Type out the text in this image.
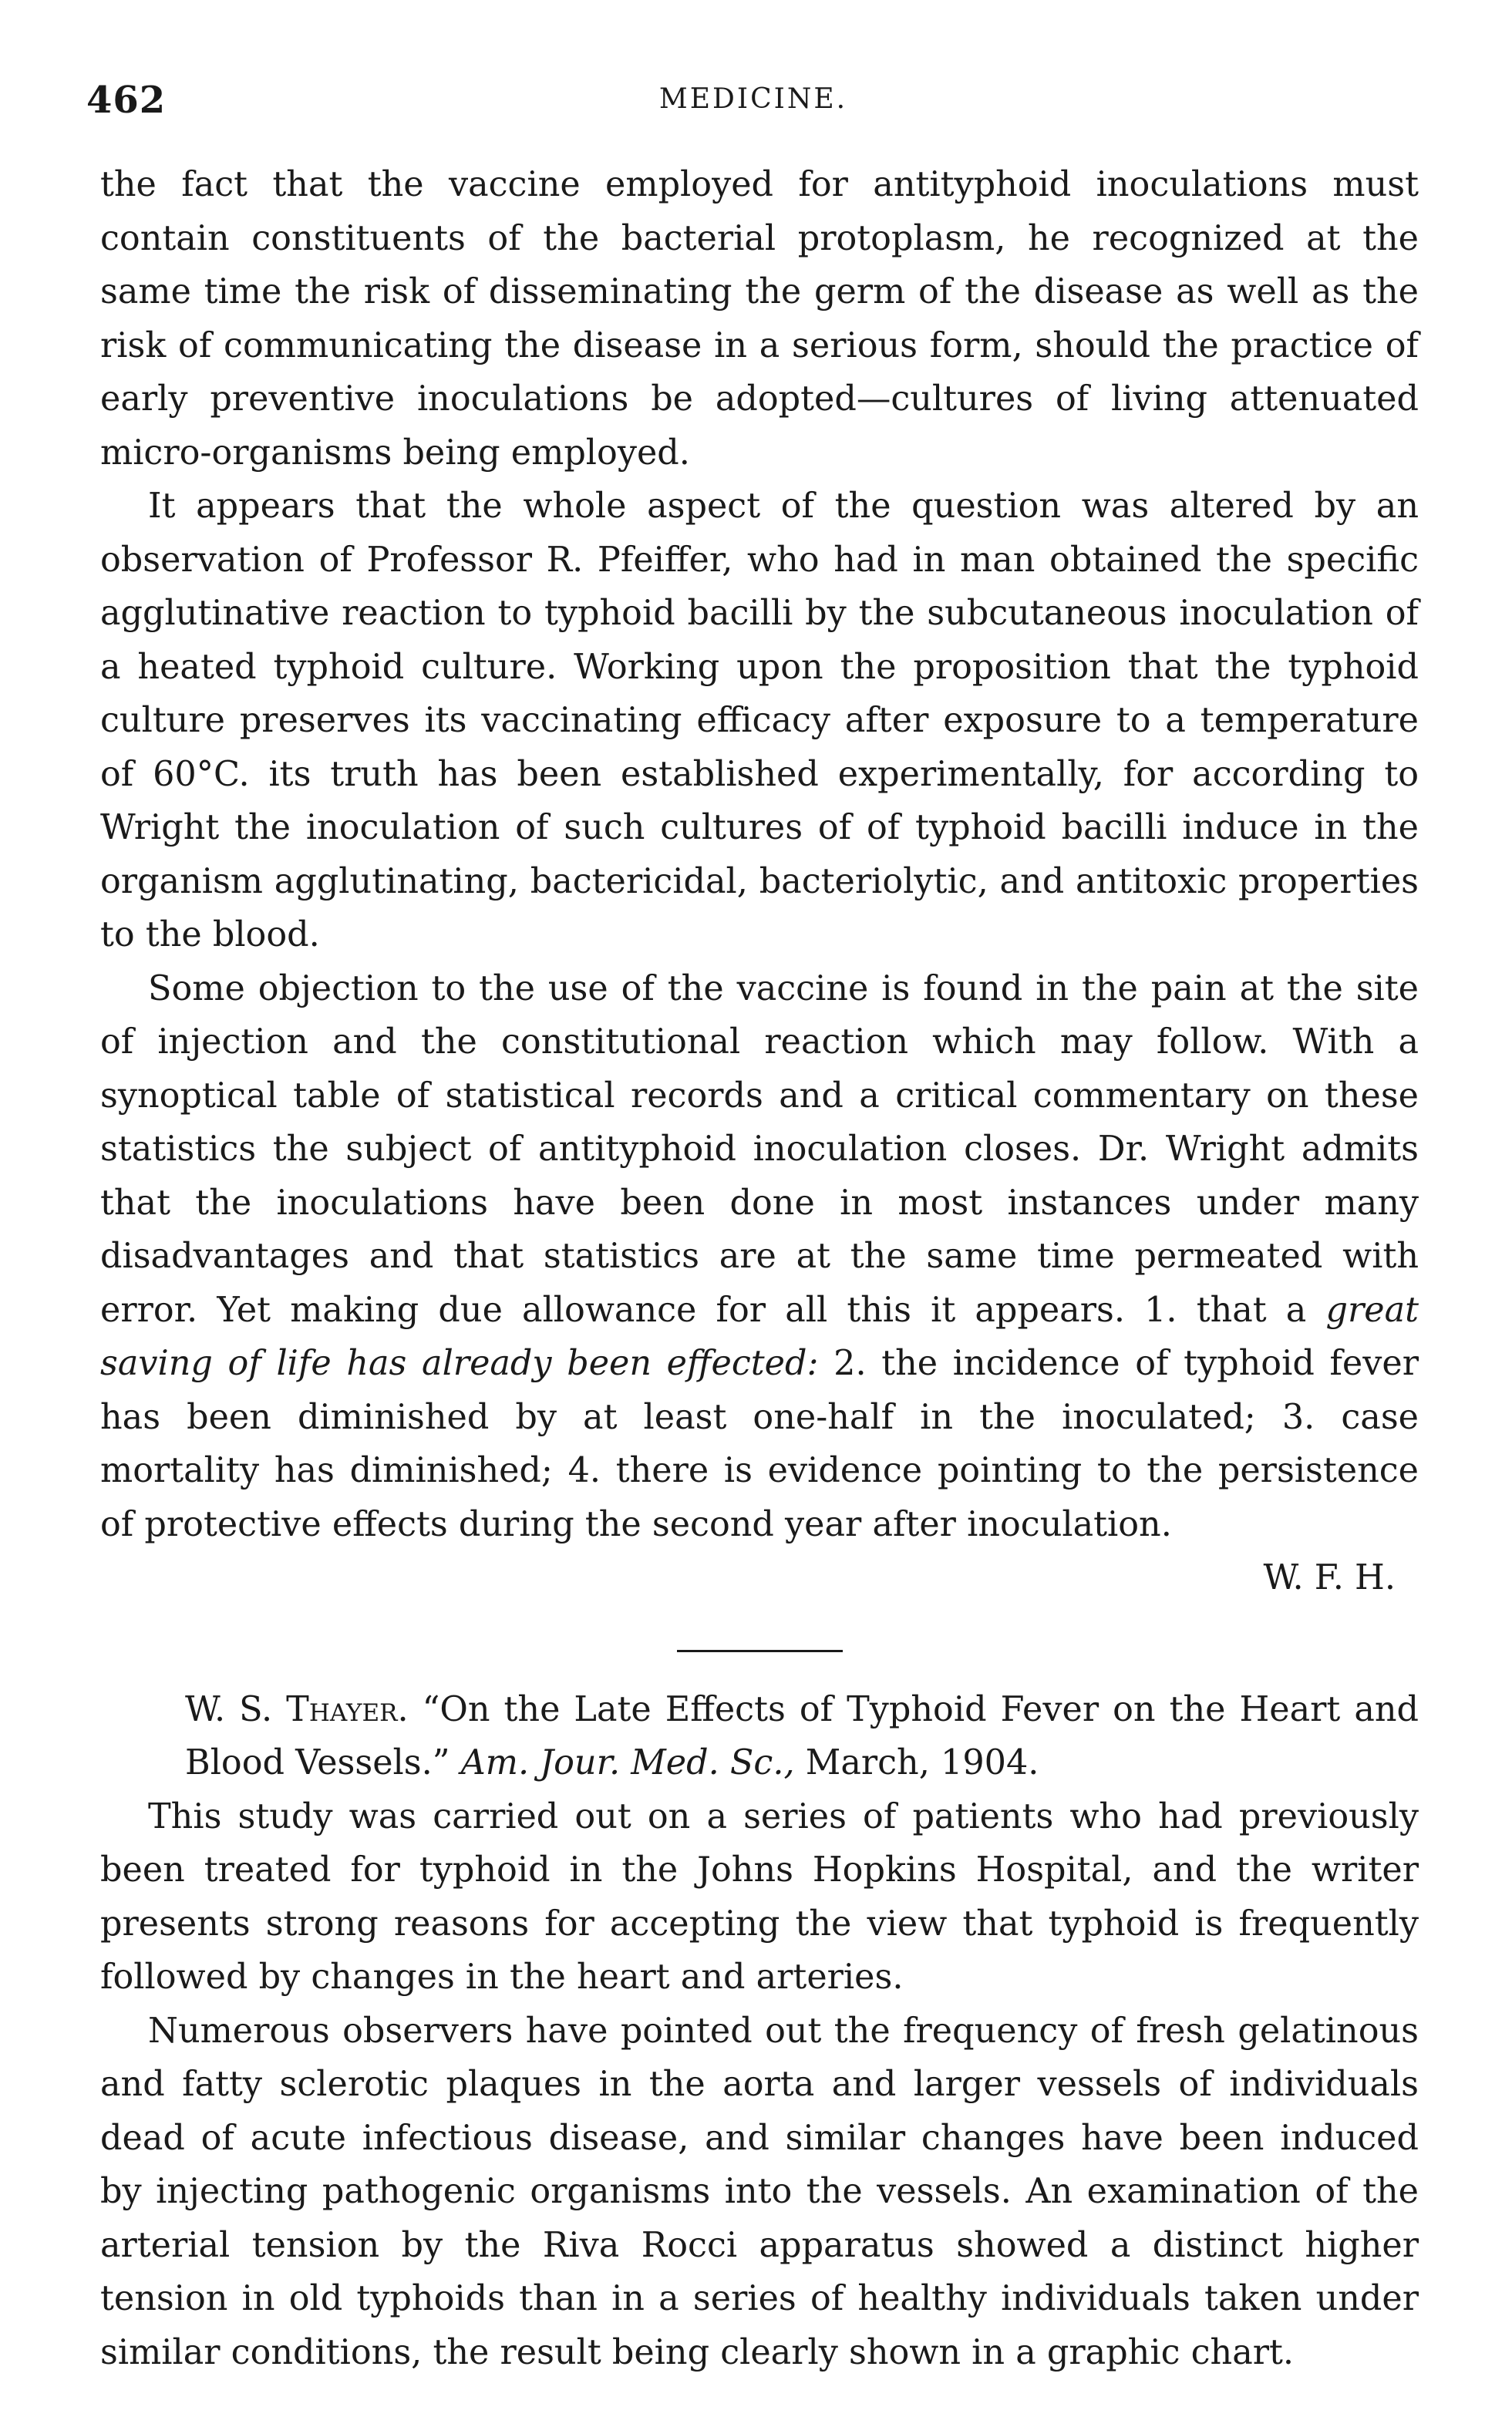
462	MEDICINE.

the fact that the vaccine employed for antityphoid inoculations must contain constituents of the bacterial protoplasm, he recognized at the same time the risk of disseminating the germ of the disease as well as the risk of communicating the disease in a serious form, should the practice of early preventive inoculations be adopted—cultures of living attenuated micro-organisms being employed.

It appears that the whole aspect of the question was altered by an observation of Professor R. Pfeiffer, who had in man obtained the specific agglutinative reaction to typhoid bacilli by the subcutaneous inoculation of a heated typhoid culture. Working upon the proposition that the typhoid culture preserves its vaccinating efficacy after exposure to a temperature of 60°C. its truth has been established experimentally, for according to Wright the inoculation of such cultures of of typhoid bacilli induce in the organism agglutinating, bactericidal, bacteriolytic, and antitoxic properties to the blood.

Some objection to the use of the vaccine is found in the pain at the site of injection and the constitutional reaction which may follow. With a synoptical table of statistical records and a critical commentary on these statistics the subject of antityphoid inoculation closes. Dr. Wright admits that the inoculations have been done in most instances under many disadvantages and that statistics are at the same time permeated with error. Yet making due allowance for all this it appears. 1. that a great saving of life has already been effected: 2. the incidence of typhoid fever has been diminished by at least one-half in the inoculated; 3. case mortality has diminished; 4. there is evidence pointing to the persistence of protective effects during the second year after inoculation.

W. F. H.

W. S. Thayer. “On the Late Effects of Typhoid Fever on the Heart and Blood Vessels.” Am. Jour. Med. Sc., March, 1904.

This study was carried out on a series of patients who had previously been treated for typhoid in the Johns Hopkins Hospital, and the writer presents strong reasons for accepting the view that typhoid is frequently followed by changes in the heart and arteries.

Numerous observers have pointed out the frequency of fresh gelatinous and fatty sclerotic plaques in the aorta and larger vessels of individuals dead of acute infectious disease, and similar changes have been induced by injecting pathogenic organisms into the vessels. An examination of the arterial tension by the Riva Rocci apparatus showed a distinct higher tension in old typhoids than in a series of healthy individuals taken under similar conditions, the result being clearly shown in a graphic chart.
